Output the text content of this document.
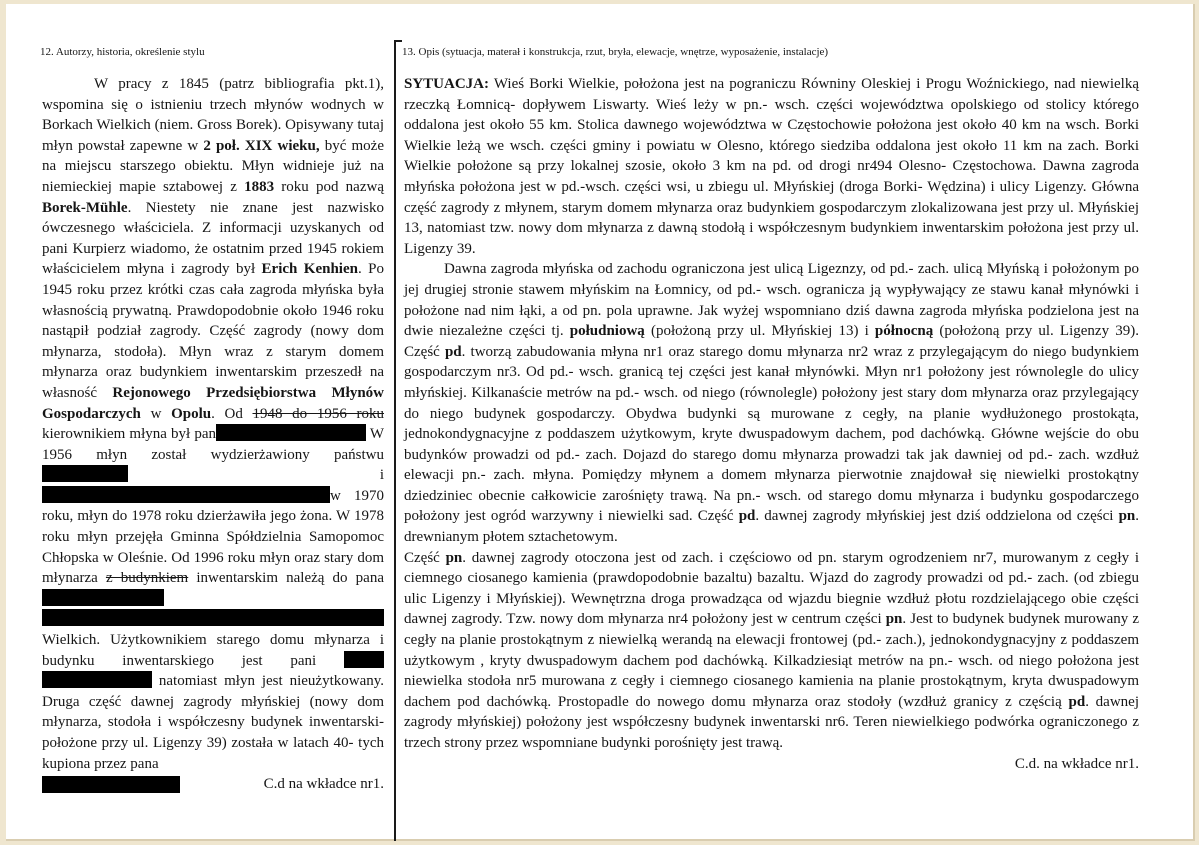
12. Autorzy, historia, określenie stylu	13. Opis (sytuacja, materał i konstrukcja, rzut, bryła, elewacje, wnętrze, wyposażenie, instalacje)

W pracy z 1845 (patrz bibliografia pkt.1), wspomina się o istnieniu trzech młynów wodnych w Borkach Wielkich (niem. Gross Borek). Opisywany tutaj młyn powstał zapewne w 2 poł. XIX wieku, być może na miejscu starszego obiektu. Młyn widnieje już na niemieckiej mapie sztabowej z 1883 roku pod nazwą Borek-Mühle. Niestety nie znane jest nazwisko ówczesnego właściciela. Z informacji uzyskanych od pani Kurpierz wiadomo, że ostatnim przed 1945 rokiem właścicielem młyna i zagrody był Erich Kenhien. Po 1945 roku przez krótki czas cała zagroda młyńska była własnością prywatną. Prawdopodobnie około 1946 roku nastąpił podział zagrody. Część zagrody (nowy dom młynarza, stodoła). Młyn wraz z starym domem młynarza oraz budynkiem inwentarskim przeszedł na własność Rejonowego Przedsiębiorstwa Młynów Gospodarczych w Opolu. Od 1948 do 1956 roku kierownikiem młyna był pan	W 1956 młyn został wydzierżawiony państwu i w 1970 roku, młyn do 1978 roku dzierżawiła jego żona. W 1978 roku młyn przejęła Gminna Spółdzielnia Samopomoc Chłopska w Oleśnie. Od 1996 roku młyn oraz stary dom młynarza z budynkiem inwentarskim należą do pana

Wielkich. Użytkownikiem starego domu młynarza i budynku inwentarskiego jest pani   natomiast młyn jest nieużytkowany. Druga część dawnej zagrody młyńskiej (nowy dom młynarza, stodoła i współczesny budynek inwentarski- położone przy ul. Ligenzy 39) została w latach 40- tych kupiona przez pana

C.d na wkładce nr1.

SYTUACJA: Wieś Borki Wielkie, położona jest na pograniczu Równiny Oleskiej i Progu Woźnickiego, nad niewielką rzeczką Łomnicą- dopływem Liswarty. Wieś leży w pn.- wsch. części województwa opolskiego od stolicy którego oddalona jest około 55 km. Stolica dawnego województwa w Częstochowie położona jest około 40 km na wsch. Borki Wielkie leżą we wsch. części gminy i powiatu w Olesno, którego siedziba oddalona jest około 11 km na zach. Borki Wielkie położone są przy lokalnej szosie, około 3 km na pd. od drogi nr494 Olesno- Częstochowa. Dawna zagroda młyńska położona jest w pd.-wsch. części wsi, u zbiegu ul. Młyńskiej (droga Borki- Wędzina) i ulicy Ligenzy. Główna część zagrody z młynem, starym domem młynarza oraz budynkiem gospodarczym zlokalizowana jest przy ul. Młyńskiej 13, natomiast tzw. nowy dom młynarza z dawną stodołą i współczesnym budynkiem inwentarskim położona jest przy ul. Ligenzy 39.

Dawna zagroda młyńska od zachodu ograniczona jest ulicą Ligeznzy, od pd.- zach. ulicą Młyńską i położonym po jej drugiej stronie stawem młyńskim na Łomnicy, od pd.- wsch. ogranicza ją wypływający ze stawu kanał młynówki i położone nad nim łąki, a od pn. pola uprawne. Jak wyżej wspomniano dziś dawna zagroda młyńska podzielona jest na dwie niezależne części tj. południową (położoną przy ul. Młyńskiej 13) i północną (położoną przy ul. Ligenzy 39). Część pd. tworzą zabudowania młyna nr1 oraz starego domu młynarza nr2 wraz z przylegającym do niego budynkiem gospodarczym nr3. Od pd.- wsch. granicą tej części jest kanał młynówki. Młyn nr1 położony jest równolegle do ulicy młyńskiej. Kilkanaście metrów na pd.- wsch. od niego (równolegle) położony jest stary dom młynarza oraz przylegający do niego budynek gospodarczy. Obydwa budynki są murowane z cegły, na planie wydłużonego prostokąta, jednokondygnacyjne z poddaszem użytkowym, kryte dwuspadowym dachem, pod dachówką. Główne wejście do obu budynków prowadzi od pd.- zach. Dojazd do starego domu młynarza prowadzi tak jak dawniej od pd.- zach. wzdłuż elewacji pn.- zach. młyna. Pomiędzy młynem a domem młynarza pierwotnie znajdował się niewielki prostokątny dziedziniec obecnie całkowicie zarośnięty trawą. Na pn.- wsch. od starego domu młynarza i budynku gospodarczego położony jest ogród warzywny i niewielki sad. Część pd. dawnej zagrody młyńskiej jest dziś oddzielona od części pn. drewnianym płotem sztachetowym.

Część pn. dawnej zagrody otoczona jest od zach. i częściowo od pn. starym ogrodzeniem nr7, murowanym z cegły i ciemnego ciosanego kamienia (prawdopodobnie bazaltu) bazaltu. Wjazd do zagrody prowadzi od pd.- zach. (od zbiegu ulic Ligenzy i Młyńskiej). Wewnętrzna droga prowadząca od wjazdu biegnie wzdłuż płotu rozdzielającego obie części dawnej zagrody. Tzw. nowy dom młynarza nr4 położony jest w centrum części pn. Jest to budynek budynek murowany z cegły na planie prostokątnym z niewielką werandą na elewacji frontowej (pd.- zach.), jednokondygnacyjny z poddaszem użytkowym , kryty dwuspadowym dachem pod dachówką. Kilkadziesiąt metrów na pn.- wsch. od niego położona jest niewielka stodoła nr5 murowana z cegły i ciemnego ciosanego kamienia na planie prostokątnym, kryta dwuspadowym dachem pod dachówką. Prostopadle do nowego domu młynarza oraz stodoły (wzdłuż granicy z częścią pd. dawnej zagrody młyńskiej) położony jest współczesny budynek inwentarski nr6. Teren niewielkiego podwórka ograniczonego z trzech strony przez wspomniane budynki porośnięty jest trawą.

C.d. na wkładce nr1.
